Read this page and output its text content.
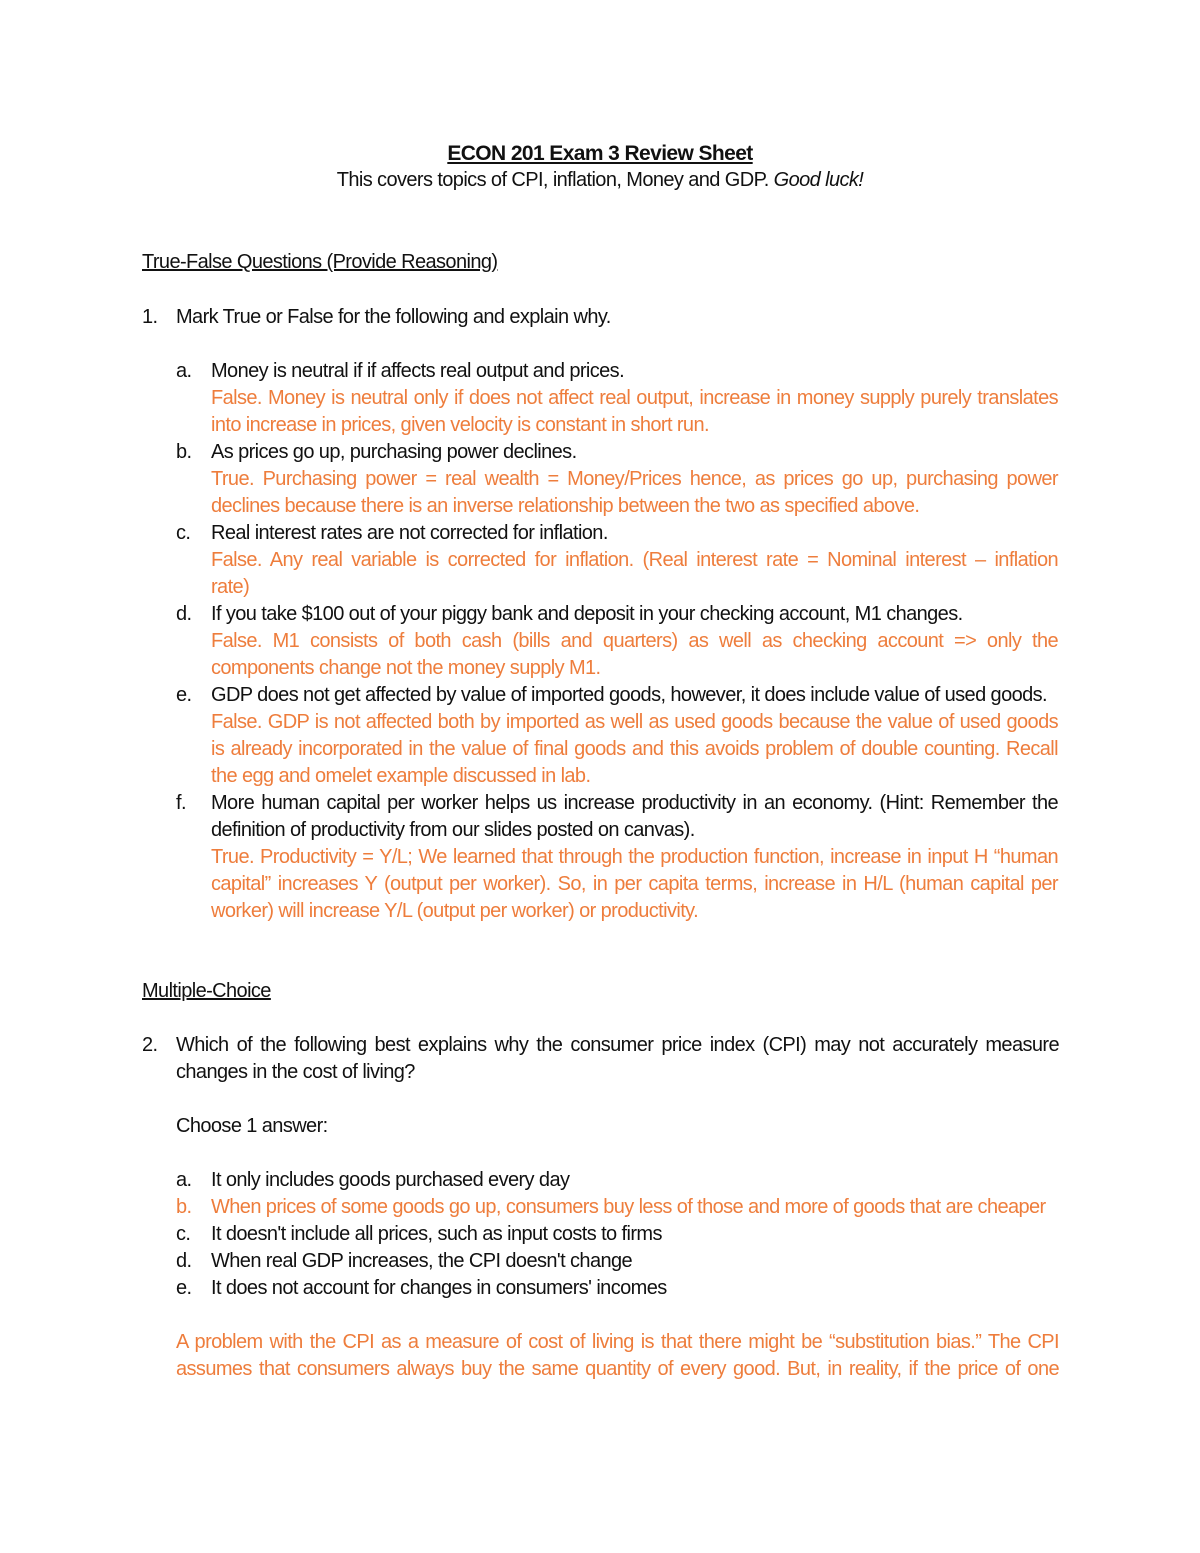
ECON 201 Exam 3 Review Sheet
This covers topics of CPI, inflation, Money and GDP. Good luck!
True-False Questions (Provide Reasoning)
1. Mark True or False for the following and explain why.
a. Money is neutral if if affects real output and prices.
False. Money is neutral only if does not affect real output, increase in money supply purely translates
into increase in prices, given velocity is constant in short run.
b. As prices go up, purchasing power declines.
True. Purchasing power = real wealth = Money/Prices hence, as prices go up, purchasing power
declines because there is an inverse relationship between the two as specified above.
c. Real interest rates are not corrected for inflation.
False. Any real variable is corrected for inflation. (Real interest rate = Nominal interest – inflation
rate)
d. If you take $100 out of your piggy bank and deposit in your checking account, M1 changes.
False. M1 consists of both cash (bills and quarters) as well as checking account => only the
components change not the money supply M1.
e. GDP does not get affected by value of imported goods, however, it does include value of used goods.
False. GDP is not affected both by imported as well as used goods because the value of used goods
is already incorporated in the value of final goods and this avoids problem of double counting. Recall
the egg and omelet example discussed in lab.
f. More human capital per worker helps us increase productivity in an economy. (Hint: Remember the
definition of productivity from our slides posted on canvas).
True. Productivity = Y/L; We learned that through the production function, increase in input H “human
capital” increases Y (output per worker). So, in per capita terms, increase in H/L (human capital per
worker) will increase Y/L (output per worker) or productivity.
Multiple-Choice
2. Which of the following best explains why the consumer price index (CPI) may not accurately measure
changes in the cost of living?
Choose 1 answer:
a. It only includes goods purchased every day
b. When prices of some goods go up, consumers buy less of those and more of goods that are cheaper
c. It doesn't include all prices, such as input costs to firms
d. When real GDP increases, the CPI doesn't change
e. It does not account for changes in consumers' incomes
A problem with the CPI as a measure of cost of living is that there might be “substitution bias.” The CPI
assumes that consumers always buy the same quantity of every good. But, in reality, if the price of one
